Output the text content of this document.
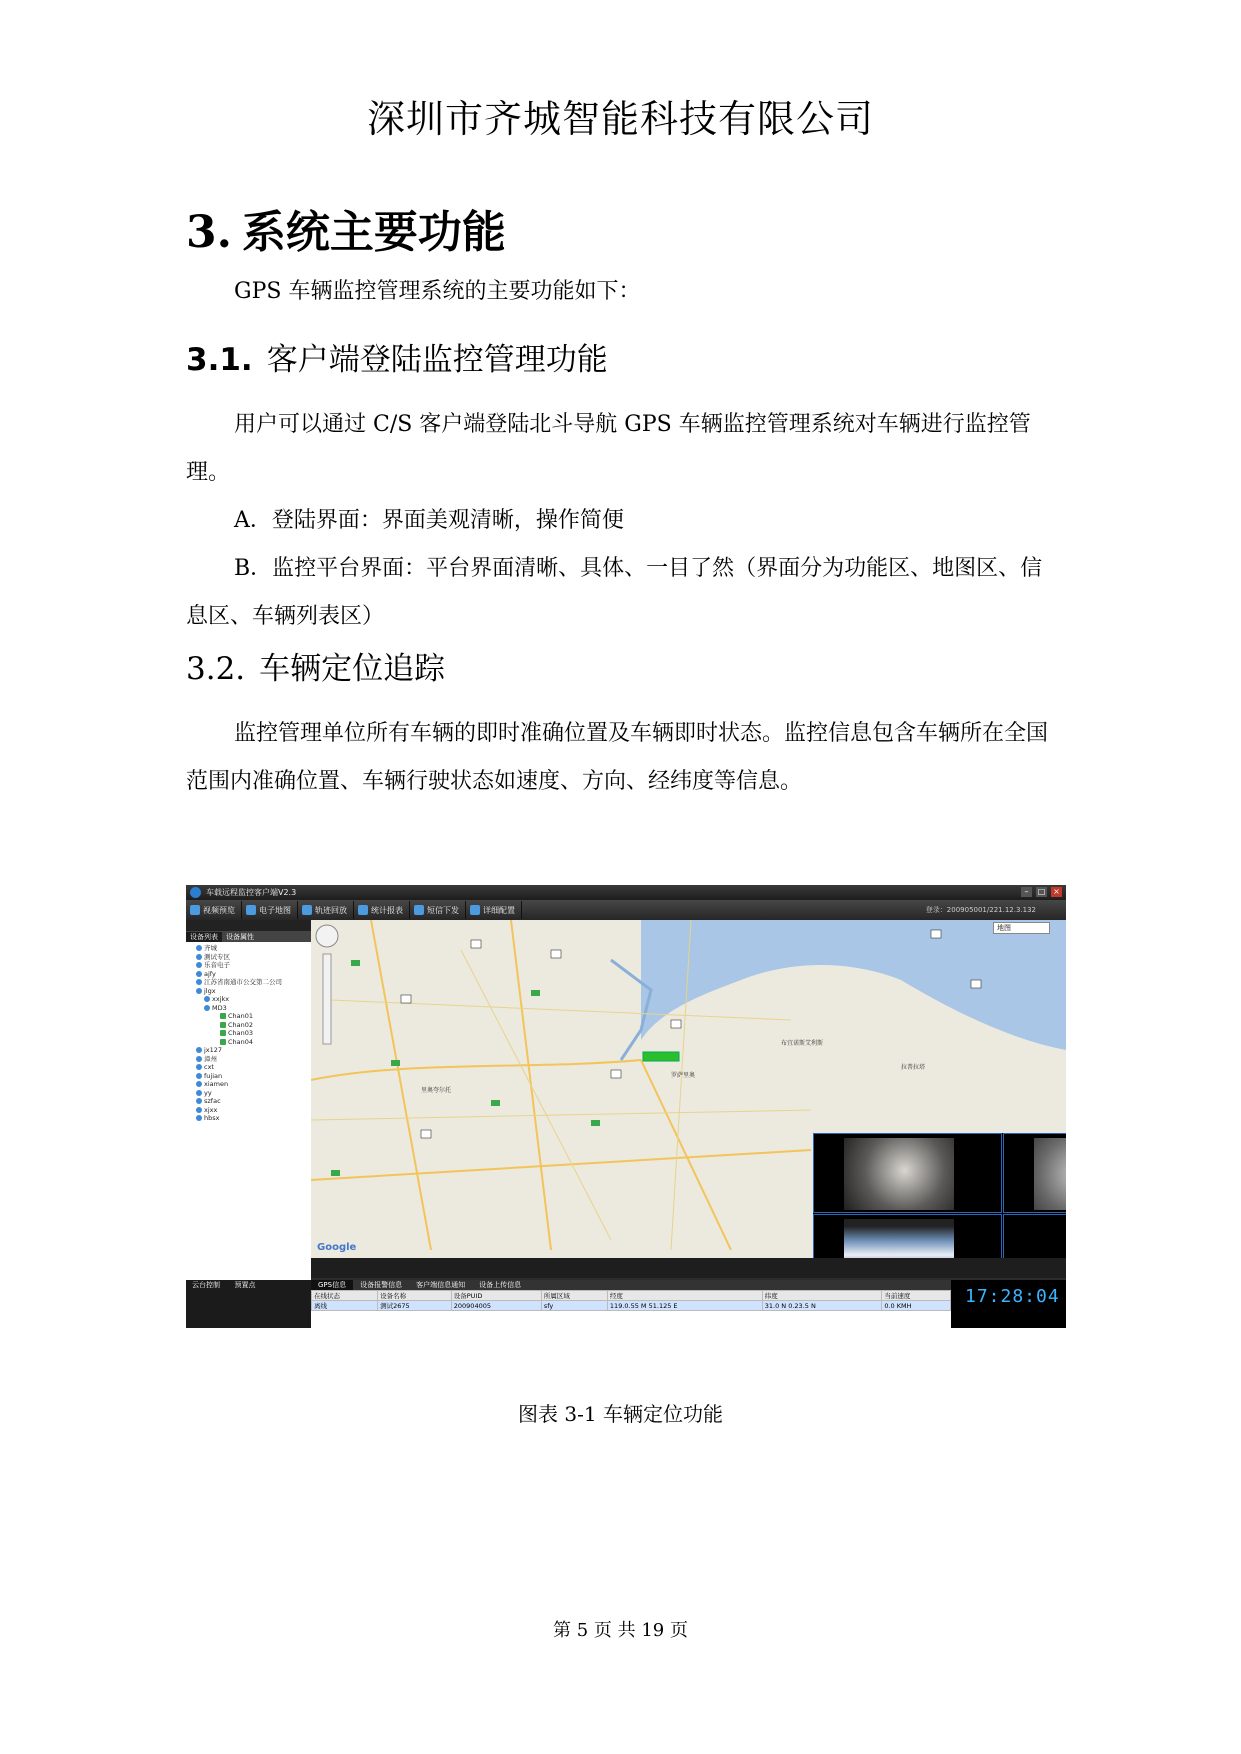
深圳市齐城智能科技有限公司
3. 系统主要功能
GPS 车辆监控管理系统的主要功能如下：
3.1. 客户端登陆监控管理功能
用户可以通过 C/S 客户端登陆北斗导航 GPS 车辆监控管理系统对车辆进行监控管理。
A．登陆界面：界面美观清晰，操作简便
B．监控平台界面：平台界面清晰、具体、一目了然（界面分为功能区、地图区、信息区、车辆列表区）
3.2. 车辆定位追踪
监控管理单位所有车辆的即时准确位置及车辆即时状态。监控信息包含车辆所在全国范围内准确位置、车辆行驶状态如速度、方向、经纬度等信息。
车载远程监控客户端V2.3	–	□ ×
视频预览	电子地图	轨迹回放	统计报表	短信下发	详细配置
设备列表	设备属性
齐城
测试专区
乐音电子
ajfy
江苏省南通市公交第二公司
jlgx
xxjkx
MD3
Chan01
Chan02
Chan03
Chan04
jx127
漳州
cxt
fujian
xiamen
yy
szfac
xjxx
hbsx
地图
布宜诺斯艾利斯
拉普拉塔
罗萨里奥
里奥夸尔托
Google
登录：200905001/221.12.3.132
云台控制 预置点	GPS信息	设备报警信息	客户端信息通知	设备上传信息
在线状态	设备名称	设备PUID	所属区域	经度	纬度	当前速度
离线	测试2675	200904005	sfy	119.0.55 M 51.125 E	31.0 N 0.23.5 N	0.0 KMH	17:28:04
图表 3-1 车辆定位功能
第 5 页 共 19 页
